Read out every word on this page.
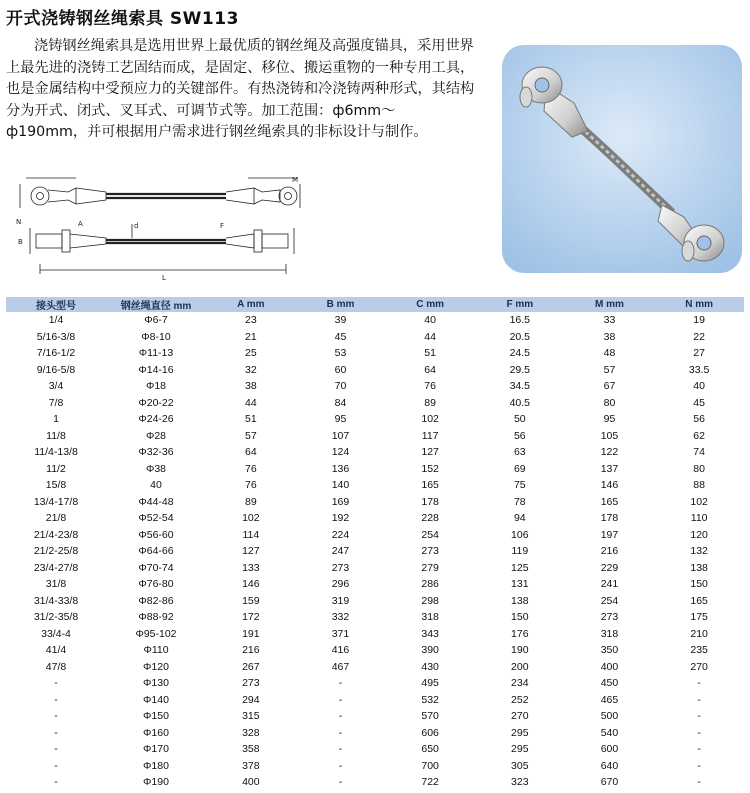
开式浇铸钢丝绳索具 SW113

浇铸钢丝绳索具是选用世界上最优质的钢丝绳及高强度锚具，采用世界上最先进的浇铸工艺固结而成，是固定、移位、搬运重物的一种专用工具，也是金属结构中受预应力的关键部件。有热浇铸和冷浇铸两种形式，其结构分为开式、闭式、叉耳式、可调节式等。加工范围：ф6mm～ф190mm，并可根据用户需求进行钢丝绳索具的非标设计与制作。

M
N	A	d	F
B
L
接头型号	钢丝绳直径 mm	A mm	B mm	C mm	F mm	M mm	N mm
1/4	Φ6-7	23	39	40	16.5	33	19
5/16-3/8	Φ8-10	21	45	44	20.5	38	22
7/16-1/2	Φ11-13	25	53	51	24.5	48	27
9/16-5/8	Φ14-16	32	60	64	29.5	57	33.5
3/4	Φ18	38	70	76	34.5	67	40
7/8	Φ20-22	44	84	89	40.5	80	45
1	Φ24-26	51	95	102	50	95	56
11/8	Φ28	57	107	117	56	105	62
11/4-13/8	Φ32-36	64	124	127	63	122	74
11/2	Φ38	76	136	152	69	137	80
15/8	40	76	140	165	75	146	88
13/4-17/8	Φ44-48	89	169	178	78	165	102
21/8	Φ52-54	102	192	228	94	178	110
21/4-23/8	Φ56-60	114	224	254	106	197	120
21/2-25/8	Φ64-66	127	247	273	119	216	132
23/4-27/8	Φ70-74	133	273	279	125	229	138
31/8	Φ76-80	146	296	286	131	241	150
31/4-33/8	Φ82-86	159	319	298	138	254	165
31/2-35/8	Φ88-92	172	332	318	150	273	175
33/4-4	Φ95-102	191	371	343	176	318	210
41/4	Φ110	216	416	390	190	350	235
47/8	Φ120	267	467	430	200	400	270
-	Φ130	273	-	495	234	450	-
-	Φ140	294	-	532	252	465	-
-	Φ150	315	-	570	270	500	-
-	Φ160	328	-	606	295	540	-
-	Φ170	358	-	650	295	600	-
-	Φ180	378	-	700	305	640	-
-	Φ190	400	-	722	323	670	-
